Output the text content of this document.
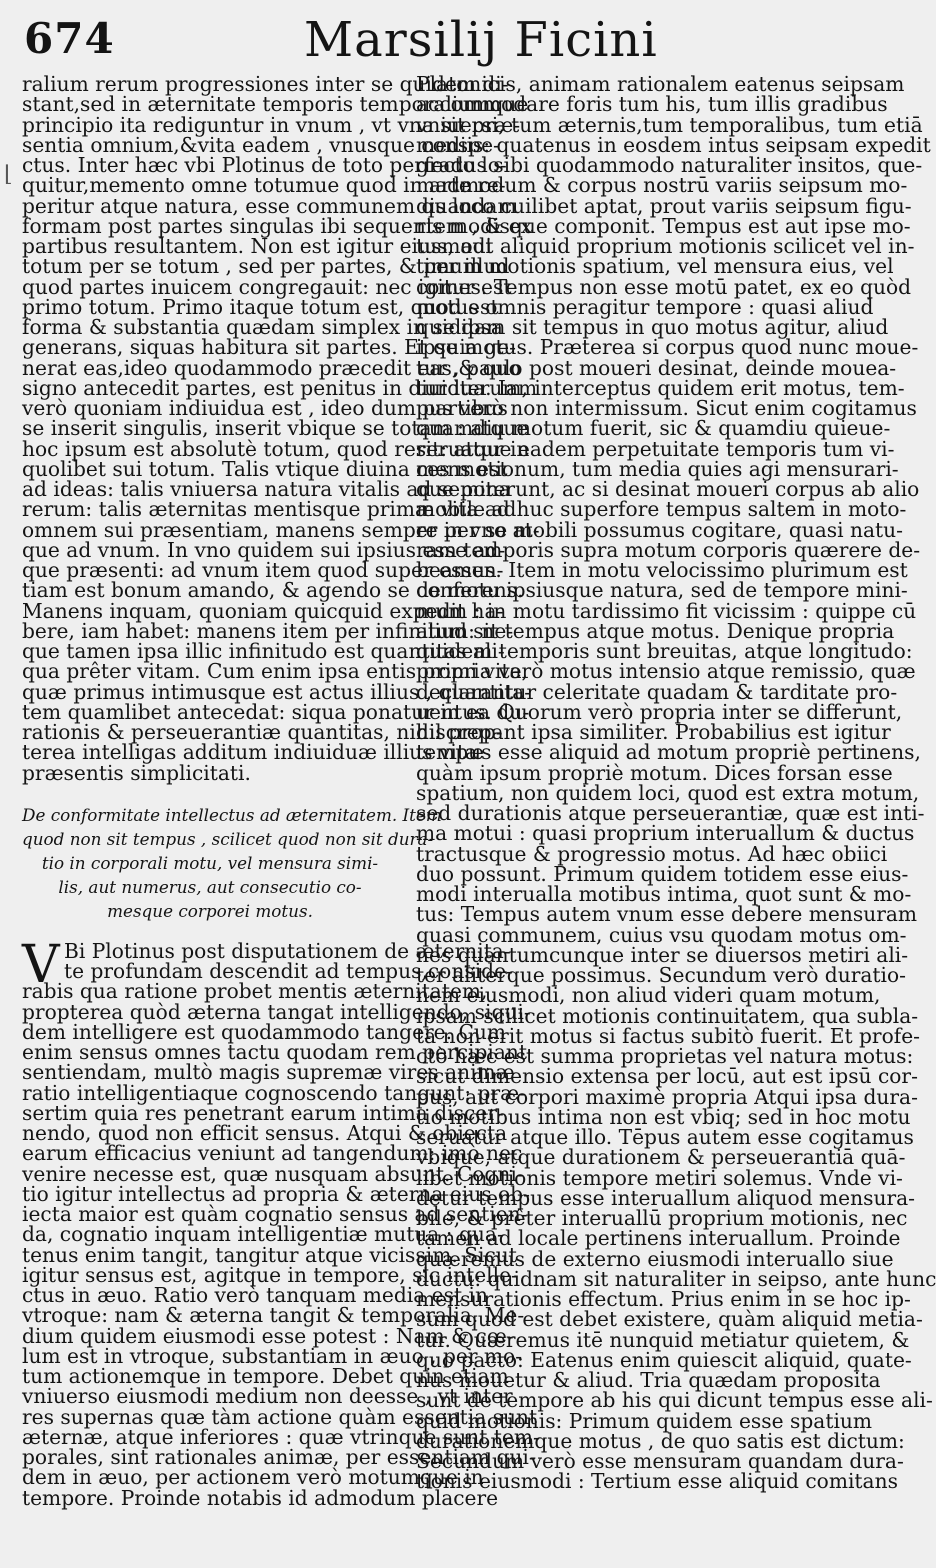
674	Marsilij Ficini
⌊
ralium rerum progressiones inter se quidem di-
stant,sed in æternitate temporis temporaliumque
principio ita rediguntur in vnum , vt vna sit præ-
sentia omnium,&vita eadem , vnusque conspe-
ctus. Inter hæc vbi Plotinus de toto perfecto lo-
quitur,memento omne totumue quod in arte re-
peritur atque natura, esse communem quandam
formam post partes singulas ibi sequentem , & ex
partibus resultantem. Non est igitur eiusmodi
totum per se totum , sed per partes, & per illud
quod partes inuicem congregauit: nec igitur est
primo totum. Primo itaque totum est, quod est
forma & substantia quædam simplex in se ipsa
generans, siquas habitura sit partes. Et quia ge-
nerat eas,ideo quodammodo præcedit eas,& quo
signo antecedit partes, est penitus in diuidua. Iam
verò quoniam indiuidua est , ideo dum partibus
se inserit singulis, inserit vbique se totam : atque
hoc ipsum est absolutè totum, quod reseruatur in
quolibet sui totum. Talis vtique diuina mens est
ad ideas: talis vniuersa natura vitalis ad semina
rerum: talis æternitas mentisque primæ vita ad
omnem sui præsentiam, manens semper in vno at-
que ad vnum. In vno quidem sui ipsius esse ad-
que præsenti: ad vnum item quod super essen-
tiam est bonum amando, & agendo se conferens.
Manens inquam, quoniam quicquid expedit ha-
bere, iam habet: manens item per infinitum: ne-
que tamen ipsa illic infinitudo est quantitas ali-
qua prêter vitam. Cum enim ipsa entis primi vita,
quæ primus intimusque est actus illius , quantita-
tem quamlibet antecedat: siqua ponatur in ea du-
rationis & perseuerantiæ quantitas, nihil prop-
terea intelligas additum indiuiduæ illius vitæ
præsentis simplicitati.
De conformitate intellectus ad æternitatem. Item
quod non sit tempus , scilicet quod non sit dura-
tio in corporali motu, vel mensura simi-
lis, aut numerus, aut consecutio co-
mesque corporei motus.
V Bi Plotinus post disputationem de æternita-
te profundam descendit ad tempus,conside-
rabis qua ratione probet mentis æternitatem,
propterea quòd æterna tangat intelligendo, siqui-
dem intelligere est quodammodo tangere. Cum
enim sensus omnes tactu quodam rem percipiant
sentiendam, multò magis supremæ vires animæ
ratio intelligentiaque cognoscendo tangunt: præ-
sertim quia res penetrant earum intima discer-
nendo, quod non efficit sensus. Atqui & obiecta
earum efficacius veniunt ad tangendum: imò nec
venire necesse est, quæ nusquam absunt. Cogni-
tio igitur intellectus ad propria & æterna eius ob-
iecta maior est quàm cognatio sensus ad sentien-
da, cognatio inquam intelligentiæ mutua : qua-
tenus enim tangit, tangitur atque vicissim. Sicut
igitur sensus est, agitque in tempore, sic intelle-
ctus in æuo. Ratio verò tanquam media est in
vtroque: nam & æterna tangit & temporalia. Me-
dium quidem eiusmodi esse potest : Nam & cœ-
lum est in vtroque, substantiam in æuo , per mo-
tum actionemque in tempore. Debet quin etiam
vniuerso eiusmodi medium non deesse , vt inter
res supernas quæ tàm actione quàm essentia sunt
æternæ, atque inferiores : quæ vtrinque sunt tem-
porales, sint rationales animæ, per essentiam qui-
dem in æuo, per actionem verò motumque in
tempore. Proinde notabis id admodum placere
Platonicis, animam rationalem eatenus seipsam
accommodare foris tum his, tum illis gradibus
vniuersi, tum æternis,tum temporalibus, tum etiā
mediis: quatenus in eosdem intus seipsam expedit
gradus sibi quodammodo naturaliter insitos, que-
madmodum & corpus nostrū variis seipsum mo-
dis loco cuilibet aptat, prout variis seipsum figu-
ris modisque componit. Tempus est aut ipse mo-
tus, aut aliquid proprium motionis scilicet vel in-
timum motionis spatium, vel mensura eius, vel
comes. Tempus non esse motū patet, ex eo quòd
motus omnis peragitur tempore : quasi aliud
quiddam sit tempus in quo motus agitur, aliud
ipse motus. Præterea si corpus quod nunc moue-
tur , paulo post moueri desinat, deinde mouea-
tur iterum, interceptus quidem erit motus, tem-
pus verò non intermissum. Sicut enim cogitamus
quamdiu motum fuerit, sic & quamdiu quieue-
rit: atque eadem perpetuitate temporis tum vi-
ces motionum, tum media quies agi mensurari-
que poterunt, ac si desinat moueri corpus ab alio
mobile adhuc superfore tempus saltem in moto-
re per se mobili possumus cogitare, quasi natu-
ram temporis supra motum corporis quærere de-
beamus. Item in motu velocissimo plurimum est
de motu ipsiusque natura, sed de tempore mini-
mum : in motu tardissimo fit vicissim : quippe cū
aliud sit tempus atque motus. Denique propria
quidem temporis sunt breuitas, atque longitudo:
propria verò motus intensio atque remissio, quæ
declarantur celeritate quadam & tarditate pro-
uentus. Quorum verò propria inter se differunt,
discrepant ipsa similiter. Probabilius est igitur
tempus esse aliquid ad motum propriè pertinens,
quàm ipsum propriè motum. Dices forsan esse
spatium, non quidem loci, quod est extra motum,
sed durationis atque perseuerantiæ, quæ est inti-
ma motui : quasi proprium interuallum & ductus
tractusque & progressio motus. Ad hæc obiici
duo possunt. Primum quidem totidem esse eius-
modi interualla motibus intima, quot sunt & mo-
tus: Tempus autem vnum esse debere mensuram
quasi communem, cuius vsu quodam motus om-
nes quantumcunque inter se diuersos metiri ali-
ter aliterque possimus. Secundum verò duratio-
nem eiusmodi, non aliud videri quam motum,
ipsam scilicet motionis continuitatem, qua subla-
ta non erit motus si factus subitò fuerit. Et profe-
ctò hæc est summa proprietas vel natura motus:
sicut dimensio extensa per locū, aut est ipsū cor-
pus, aut corpori maximè propria Atqui ipsa dura-
tio motibus intima non est vbiq; sed in hoc motu
seruatur atque illo. Tēpus autem esse cogitamus
vbique, atque durationem & perseuerantiā quā-
libet motionis tempore metiri solemus. Vnde vi-
detur tempus esse interuallum aliquod mensura-
bile, & prêter interuallū proprium motionis, nec
tamen ad locale pertinens interuallum. Proinde
quæremus de externo eiusmodi interuallo siue
ductu: quidnam sit naturaliter in seipso, ante hunc
mensurationis effectum. Prius enim in se hoc ip-
sum quod est debet existere, quàm aliquid metia-
tur. Quæremus itē nunquid metiatur quietem, &
quo pacto: Eatenus enim quiescit aliquid, quate-
nus mouetur & aliud. Tria quædam proposita
sunt de tempore ab his qui dicunt tempus esse ali-
quid motionis: Primum quidem esse spatium
durationemque motus , de quo satis est dictum:
Secundum verò esse mensuram quandam dura-
tionis eiusmodi : Tertium esse aliquid comitans
